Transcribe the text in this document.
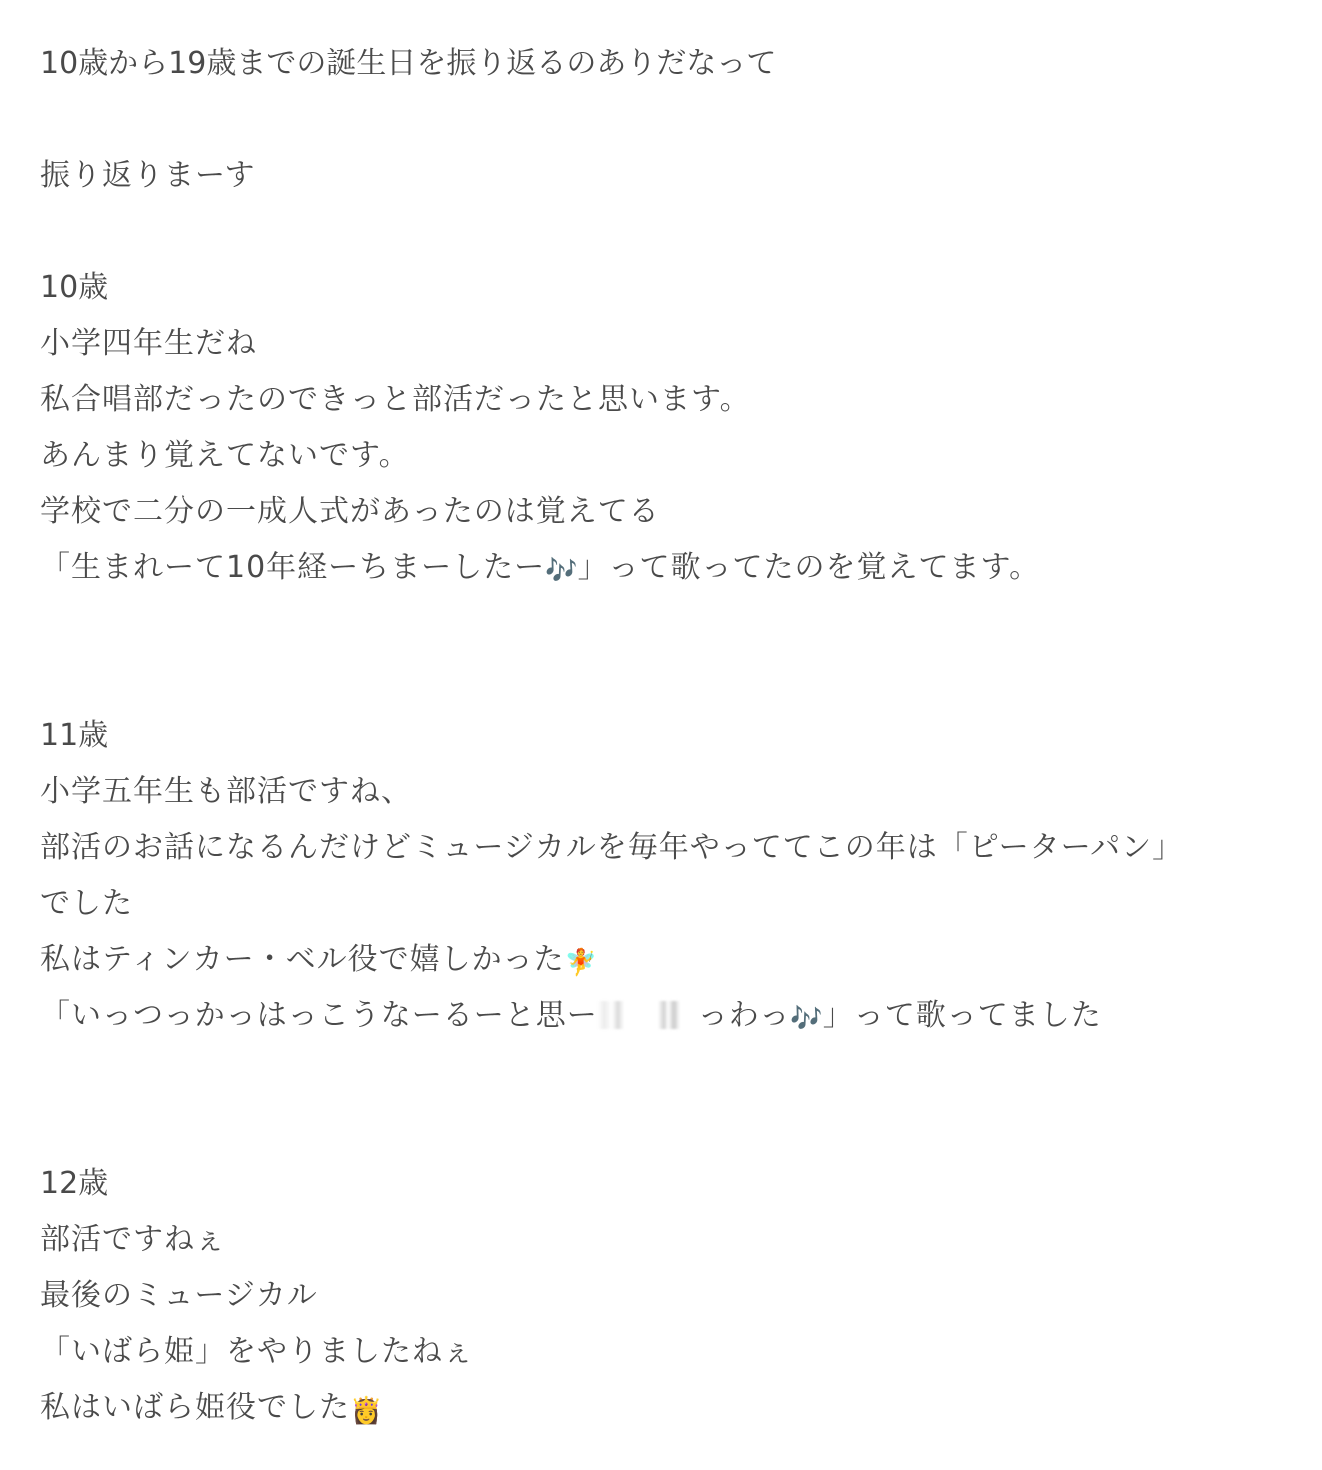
10歳から19歳までの誕生日を振り返るのありだなって
振り返りまーす
10歳
小学四年生だね
私合唱部だったのできっと部活だったと思います。
あんまり覚えてないです。
学校で二分の一成人式があったのは覚えてる
「生まれーて10年経ーちまーしたー🎶」って歌ってたのを覚えてます。
11歳
小学五年生も部活ですね、
部活のお話になるんだけどミュージカルを毎年やっててこの年は「ピーターパン」
でした
私はティンカー・ベル役で嬉しかった🧚
「いっつっかっはっこうなーるーと思ー	っわっ🎶」って歌ってました
12歳
部活ですねぇ
最後のミュージカル
「いばら姫」をやりましたねぇ
私はいばら姫役でした👸
